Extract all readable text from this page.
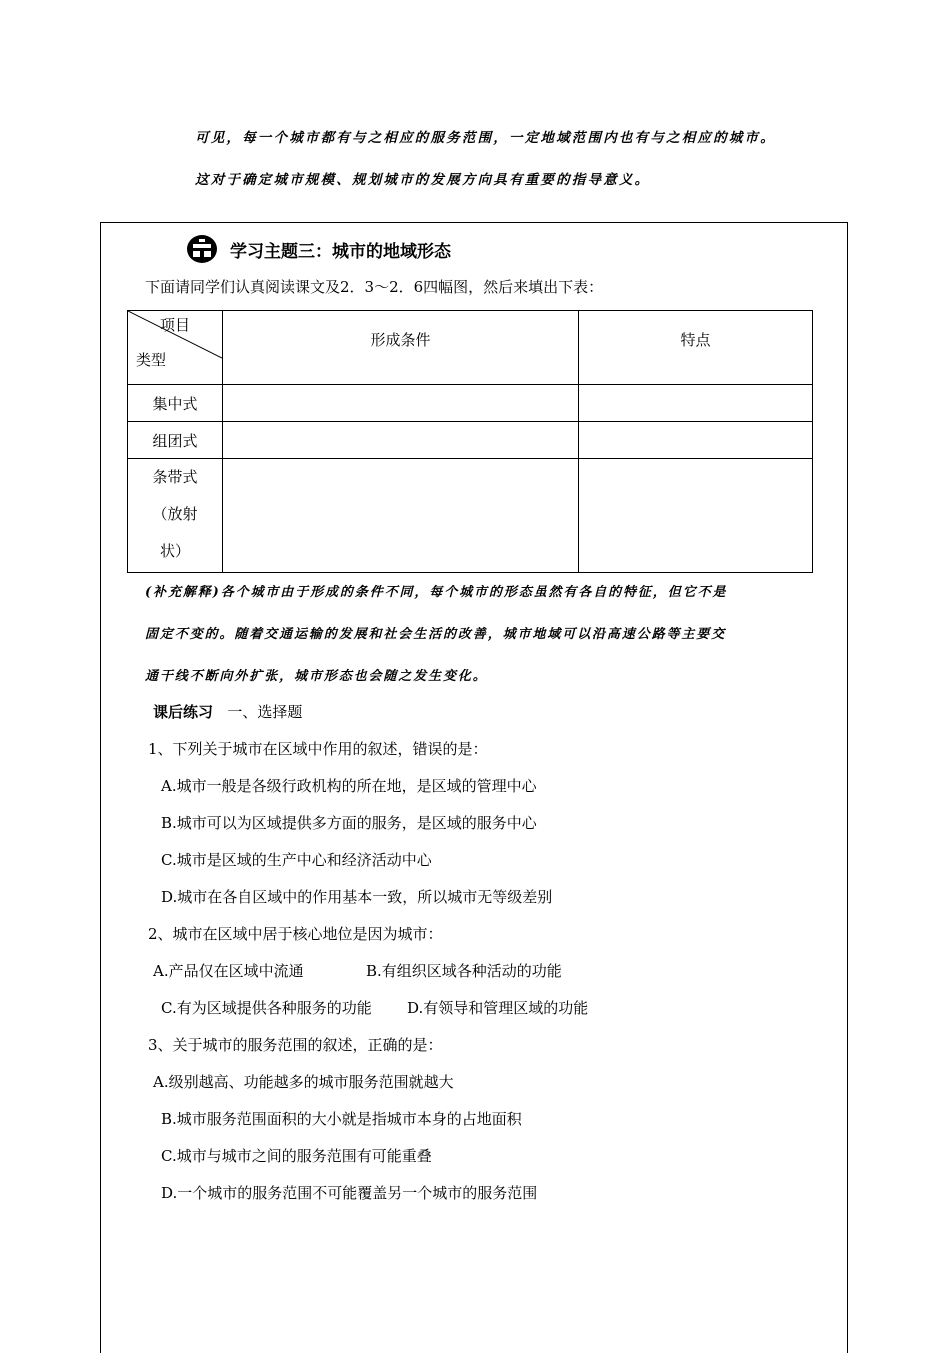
可见，每一个城市都有与之相应的服务范围，一定地域范围内也有与之相应的城市。
这对于确定城市规模、规划城市的发展方向具有重要的指导意义。
学习主题三：城市的地域形态
下面请同学们认真阅读课文及2．3～2．6四幅图，然后来填出下表：
项目
类型	形成条件	特点
集中式		
组团式		

条带式
（放射
状）		

(补充解释)各个城市由于形成的条件不同，每个城市的形态虽然有各自的特征，但它不是
固定不变的。随着交通运输的发展和社会生活的改善，城市地域可以沿高速公路等主要交
通干线不断向外扩张，城市形态也会随之发生变化。
课后练习 一、选择题
1、下列关于城市在区域中作用的叙述，错误的是：
A.城市一般是各级行政机构的所在地，是区域的管理中心
B.城市可以为区域提供多方面的服务，是区域的服务中心
C.城市是区域的生产中心和经济活动中心
D.城市在各自区域中的作用基本一致，所以城市无等级差别
2、城市在区域中居于核心地位是因为城市：
A.产品仅在区域中流通	B.有组织区域各种活动的功能
C.有为区域提供各种服务的功能 D.有领导和管理区域的功能
3、关于城市的服务范围的叙述，正确的是：
A.级别越高、功能越多的城市服务范围就越大
B.城市服务范围面积的大小就是指城市本身的占地面积
C.城市与城市之间的服务范围有可能重叠
D.一个城市的服务范围不可能覆盖另一个城市的服务范围
